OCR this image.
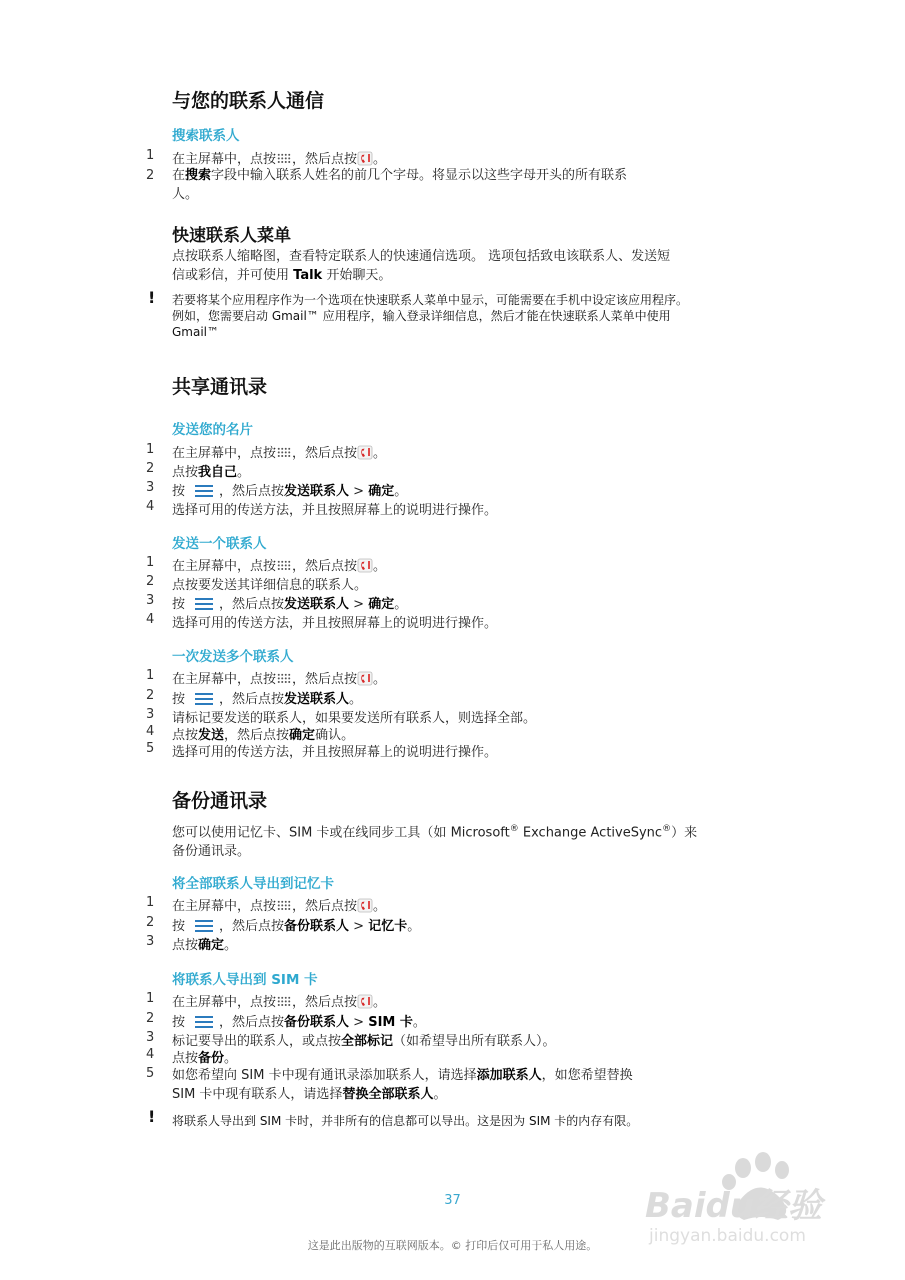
与您的联系人通信
搜索联系人
1	在主屏幕中，点按 ，然后点按 。
2	在搜索字段中输入联系人姓名的前几个字母。将显示以这些字母开头的所有联系
人。
快速联系人菜单
点按联系人缩略图，查看特定联系人的快速通信选项。 选项包括致电该联系人、发送短
信或彩信，并可使用 Talk 开始聊天。
! 若要将某个应用程序作为一个选项在快速联系人菜单中显示，可能需要在手机中设定该应用程序。
例如，您需要启动 Gmail™ 应用程序，输入登录详细信息，然后才能在快速联系人菜单中使用
Gmail™
共享通讯录
发送您的名片
1	在主屏幕中，点按 ，然后点按 。
2	点按我自己。
3	按	，然后点按发送联系人 > 确定。
4	选择可用的传送方法，并且按照屏幕上的说明进行操作。
发送一个联系人
1	在主屏幕中，点按 ，然后点按 。
2	点按要发送其详细信息的联系人。
3	按	，然后点按发送联系人 > 确定。
4	选择可用的传送方法，并且按照屏幕上的说明进行操作。
一次发送多个联系人
1	在主屏幕中，点按 ，然后点按 。
2	按	，然后点按发送联系人。
3	请标记要发送的联系人，如果要发送所有联系人，则选择全部。
4	点按发送，然后点按确定确认。
5	选择可用的传送方法，并且按照屏幕上的说明进行操作。
备份通讯录
您可以使用记忆卡、SIM 卡或在线同步工具（如 Microsoft® Exchange ActiveSync®）来
备份通讯录。
将全部联系人导出到记忆卡
1	在主屏幕中，点按 ，然后点按 。
2	按	，然后点按备份联系人 > 记忆卡。
3	点按确定。
将联系人导出到 SIM 卡
1	在主屏幕中，点按 ，然后点按 。
2	按	，然后点按备份联系人 > SIM 卡。
3	标记要导出的联系人，或点按全部标记（如希望导出所有联系人）。
4	点按备份。
5	如您希望向 SIM 卡中现有通讯录添加联系人，请选择添加联系人，如您希望替换
SIM 卡中现有联系人，请选择替换全部联系人。
! 将联系人导出到 SIM 卡时，并非所有的信息都可以导出。这是因为 SIM 卡的内存有限。
37
这是此出版物的互联网版本。© 打印后仅可用于私人用途。
Baidu经验
jingyan.baidu.com
